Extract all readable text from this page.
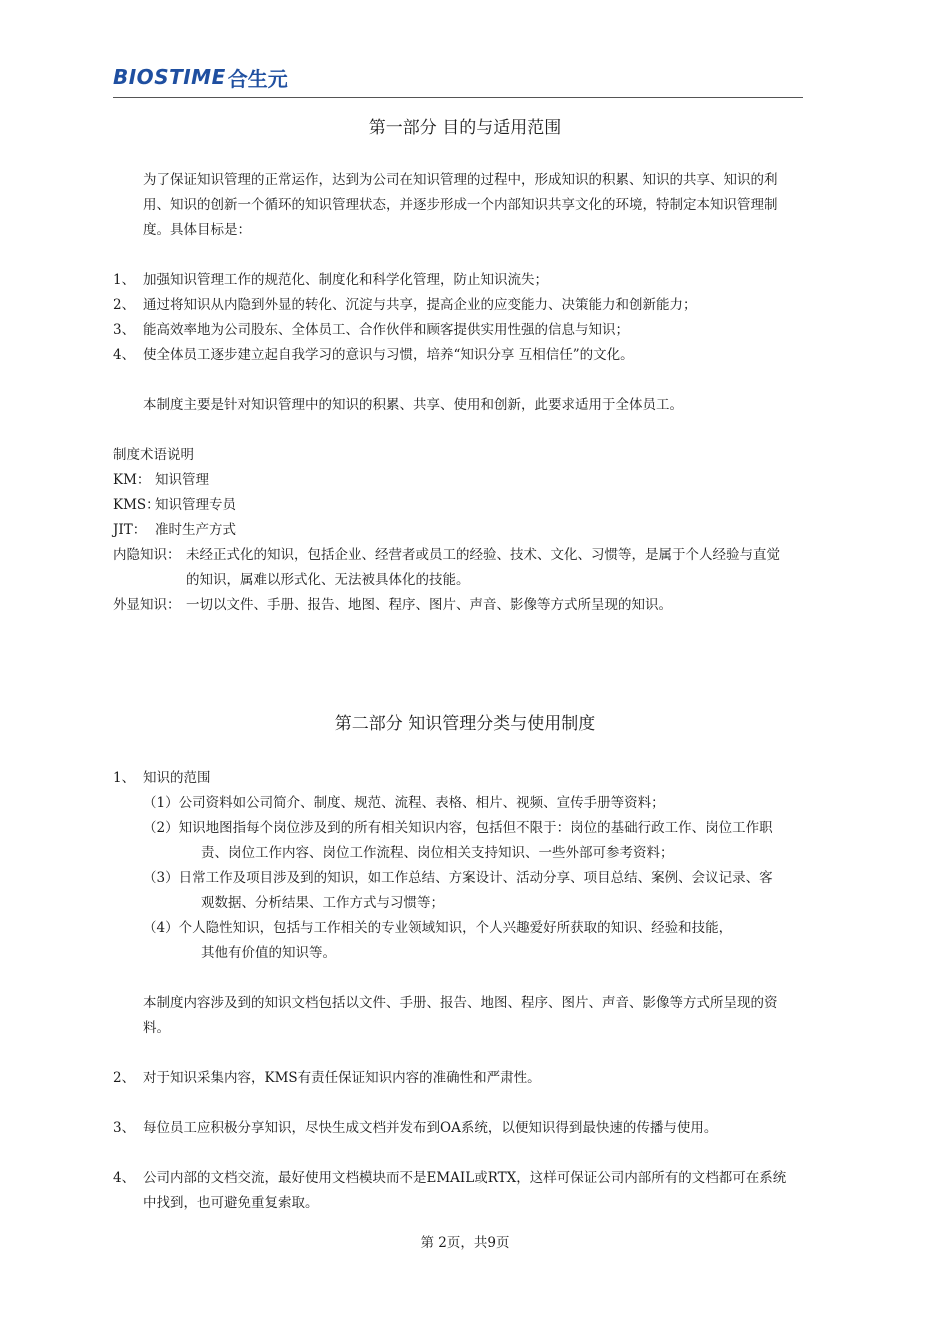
BIOSTIME 合生元
第一部分 目的与适用范围
为了保证知识管理的正常运作，达到为公司在知识管理的过程中，形成知识的积累、知识的共享、知识的利
用、知识的创新一个循环的知识管理状态，并逐步形成一个内部知识共享文化的环境，特制定本知识管理制
度。具体目标是：
1、 加强知识管理工作的规范化、制度化和科学化管理，防止知识流失；
2、 通过将知识从内隐到外显的转化、沉淀与共享，提高企业的应变能力、决策能力和创新能力；
3、 能高效率地为公司股东、全体员工、合作伙伴和顾客提供实用性强的信息与知识；
4、 使全体员工逐步建立起自我学习的意识与习惯，培养“知识分享 互相信任”的文化。
本制度主要是针对知识管理中的知识的积累、共享、使用和创新，此要求适用于全体员工。
制度术语说明
KM： 知识管理
KMS：
知识管理专员
JIT： 准时生产方式
内隐知识： 未经正式化的知识，包括企业、经营者或员工的经验、技术、文化、习惯等，是属于个人经验与直觉
的知识，属难以形式化、无法被具体化的技能。
外显知识： 一切以文件、手册、报告、地图、程序、图片、声音、影像等方式所呈现的知识。
第二部分 知识管理分类与使用制度
1、 知识的范围
（1）公司资料如公司简介、制度、规范、流程、表格、相片、视频、宣传手册等资料；
（2）知识地图指每个岗位涉及到的所有相关知识内容，包括但不限于：岗位的基础行政工作、岗位工作职
责、岗位工作内容、岗位工作流程、岗位相关支持知识、一些外部可参考资料；
（3）日常工作及项目涉及到的知识，如工作总结、方案设计、活动分享、项目总结、案例、会议记录、客
观数据、分析结果、工作方式与习惯等；
（4）个人隐性知识，包括与工作相关的专业领域知识，个人兴趣爱好所获取的知识、经验和技能，
其他有价值的知识等。
本制度内容涉及到的知识文档包括以文件、手册、报告、地图、程序、图片、声音、影像等方式所呈现的资
料。
2、 对于知识采集内容，KMS有责任保证知识内容的准确性和严肃性。
3、 每位员工应积极分享知识，尽快生成文档并发布到OA系统，以便知识得到最快速的传播与使用。
4、 公司内部的文档交流，最好使用文档模块而不是EMAIL或RTX，这样可保证公司内部所有的文档都可在系统
中找到，也可避免重复索取。
第 2页，共9页
